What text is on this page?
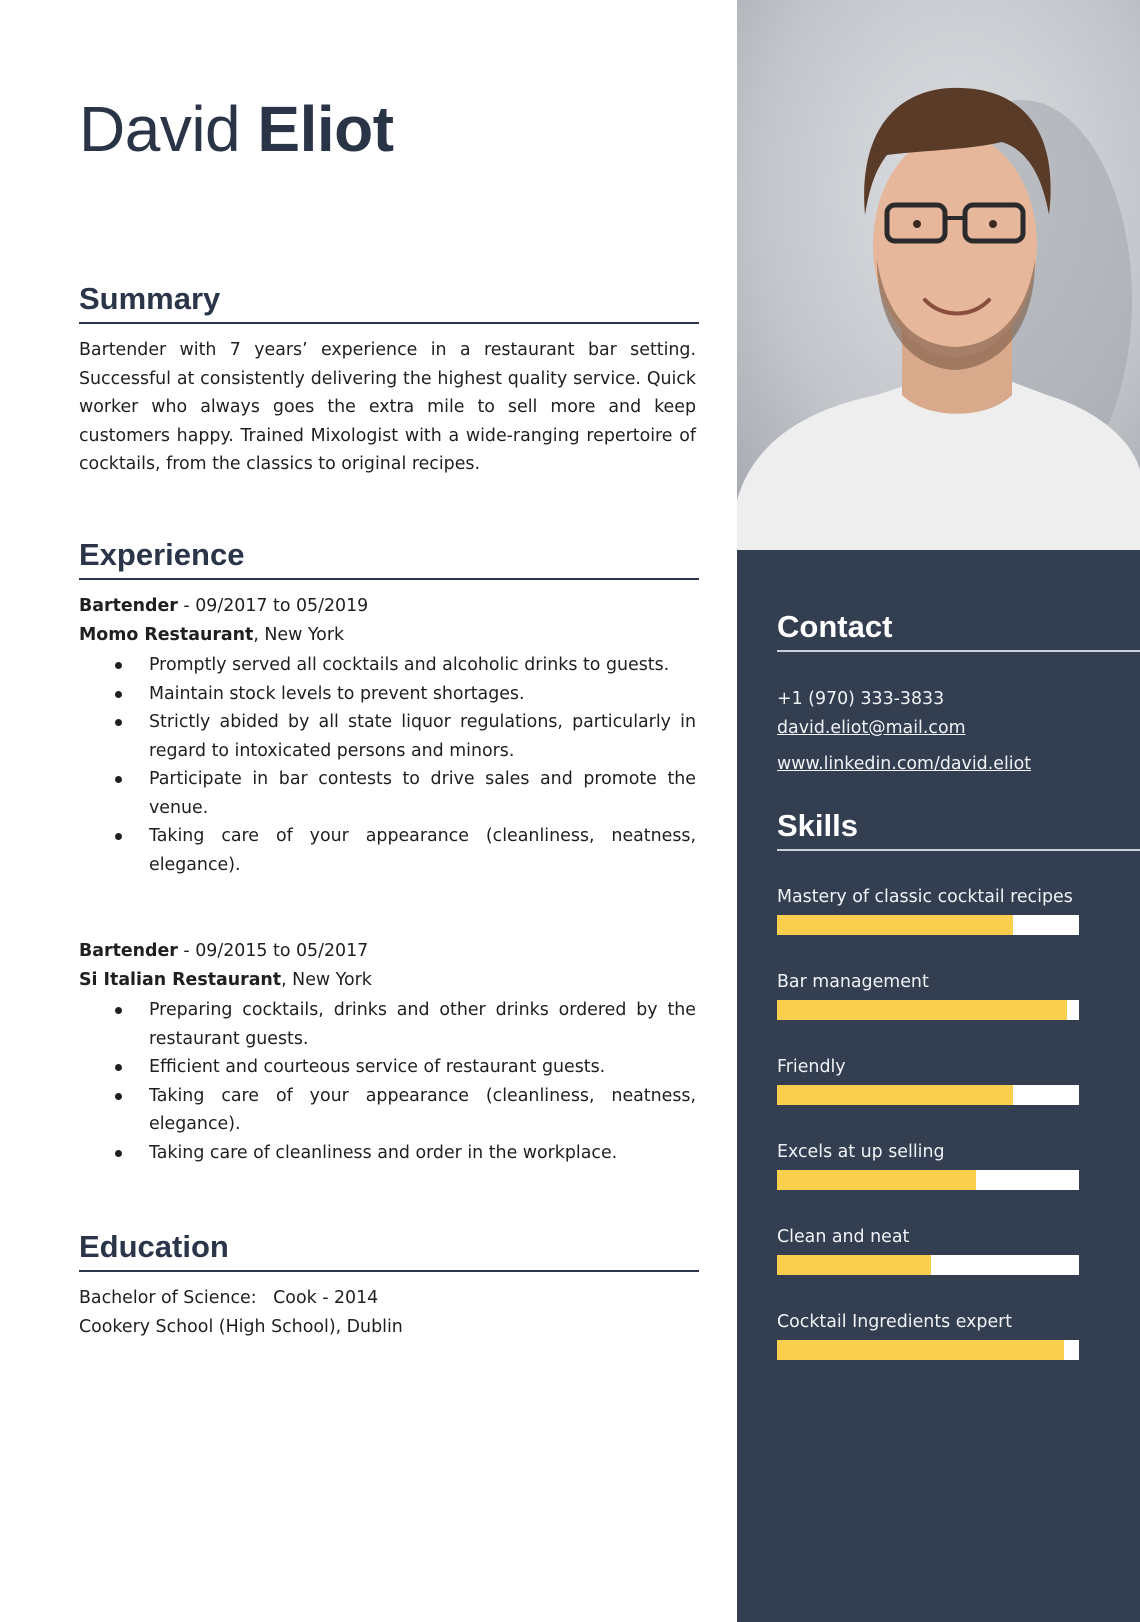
David Eliot
Summary
Bartender with 7 years’ experience in a restaurant bar setting. Successful at consistently delivering the highest quality service. Quick worker who always goes the extra mile to sell more and keep customers happy. Trained Mixologist with a wide-ranging repertoire of cocktails, from the classics to original recipes.
Experience
Bartender - 09/2017 to 05/2019
Momo Restaurant, New York
Promptly served all cocktails and alcoholic drinks to guests.
Maintain stock levels to prevent shortages.
Strictly abided by all state liquor regulations, particularly in regard to intoxicated persons and minors.
Participate in bar contests to drive sales and promote the venue.
Taking care of your appearance (cleanliness, neatness, elegance).
Bartender - 09/2015 to 05/2017
Si Italian Restaurant, New York
Preparing cocktails, drinks and other drinks ordered by the restaurant guests.
Efficient and courteous service of restaurant guests.
Taking care of your appearance (cleanliness, neatness, elegance).
Taking care of cleanliness and order in the workplace.
Education
Bachelor of Science:   Cook - 2014
Cookery School (High School), Dublin
Contact
+1 (970) 333-3833
david.eliot@mail.com
www.linkedin.com/david.eliot
Skills
Mastery of classic cocktail recipes
Bar management
Friendly
Excels at up selling
Clean and neat
Cocktail Ingredients expert
